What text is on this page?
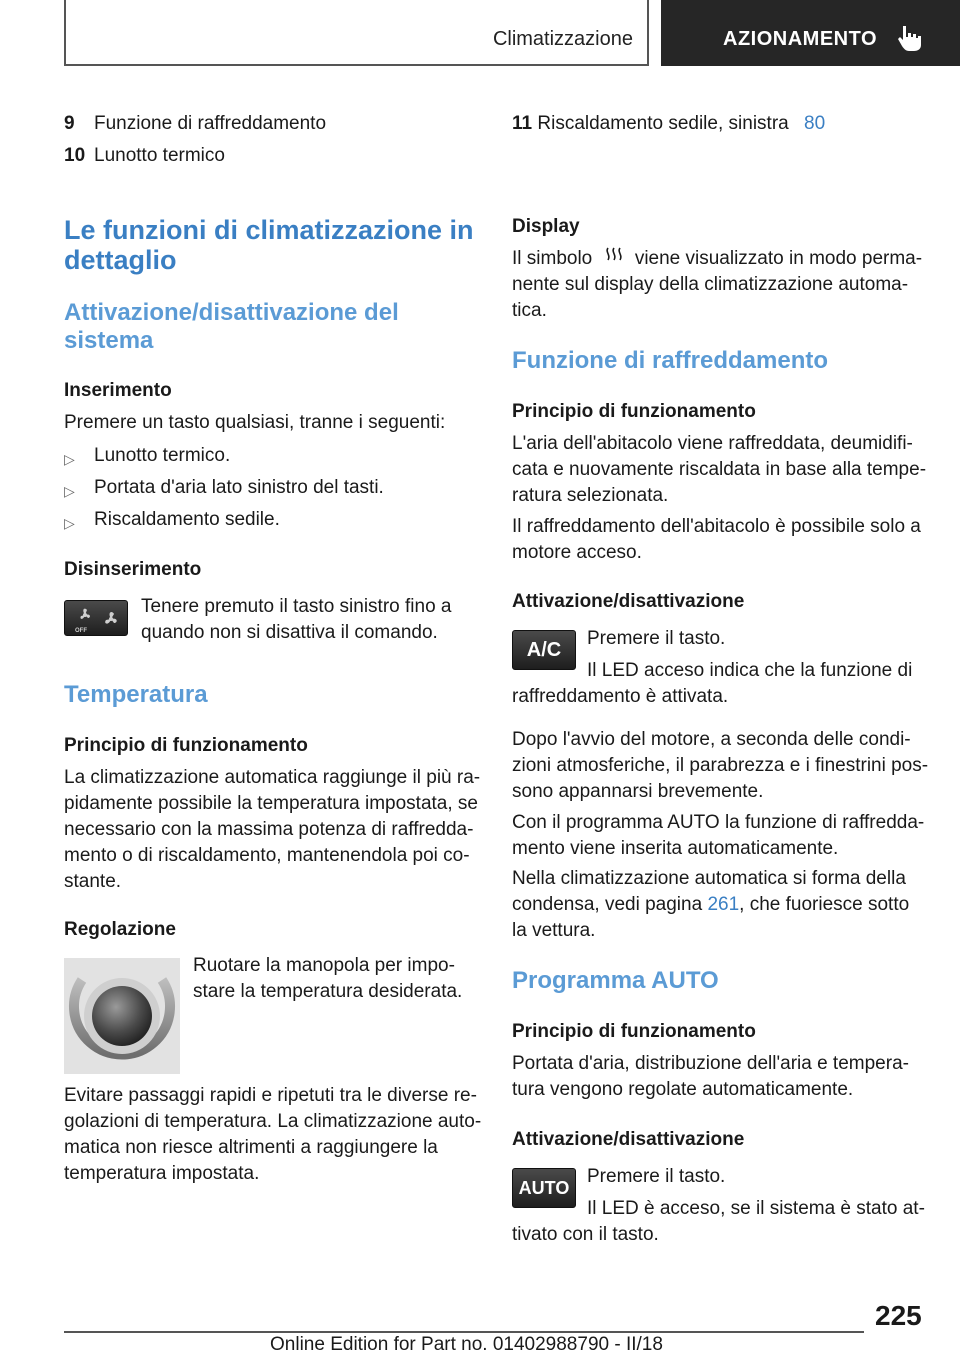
Climatizzazione	AZIONAMENTO
9 Funzione di raffreddamento
10 Lunotto termico
11 Riscaldamento sedile, sinistra 80
Le funzioni di climatizzazione in
dettaglio
Attivazione/disattivazione del
sistema
Inserimento
Premere un tasto qualsiasi, tranne i seguenti:
▷ Lunotto termico.
▷ Portata d'aria lato sinistro del tasti.
▷ Riscaldamento sedile.
Disinserimento
OFF
Tenere premuto il tasto sinistro fino a
quando non si disattiva il comando.
Temperatura
Principio di funzionamento
La climatizzazione automatica raggiunge il più ra-
pidamente possibile la temperatura impostata, se
necessario con la massima potenza di raffredda-
mento o di riscaldamento, mantenendola poi co-
stante.
Regolazione
Ruotare la manopola per impo-
stare la temperatura desiderata.
Evitare passaggi rapidi e ripetuti tra le diverse re-
golazioni di temperatura. La climatizzazione auto-
matica non riesce altrimenti a raggiungere la
temperatura impostata.
Display
Il simbolo viene visualizzato in modo perma-
nente sul display della climatizzazione automa-
tica.
Funzione di raffreddamento
Principio di funzionamento
L'aria dell'abitacolo viene raffreddata, deumidifi-
cata e nuovamente riscaldata in base alla tempe-
ratura selezionata.
Il raffreddamento dell'abitacolo è possibile solo a
motore acceso.
Attivazione/disattivazione
A/C
Premere il tasto.
Il LED acceso indica che la funzione di
raffreddamento è attivata.
Dopo l'avvio del motore, a seconda delle condi-
zioni atmosferiche, il parabrezza e i finestrini pos-
sono appannarsi brevemente.
Con il programma AUTO la funzione di raffredda-
mento viene inserita automaticamente.
Nella climatizzazione automatica si forma della
condensa, vedi pagina 261, che fuoriesce sotto
la vettura.
Programma AUTO
Principio di funzionamento
Portata d'aria, distribuzione dell'aria e tempera-
tura vengono regolate automaticamente.
Attivazione/disattivazione
AUTO
Premere il tasto.
Il LED è acceso, se il sistema è stato at-
tivato con il tasto.
225
Online Edition for Part no. 01402988790 - II/18
